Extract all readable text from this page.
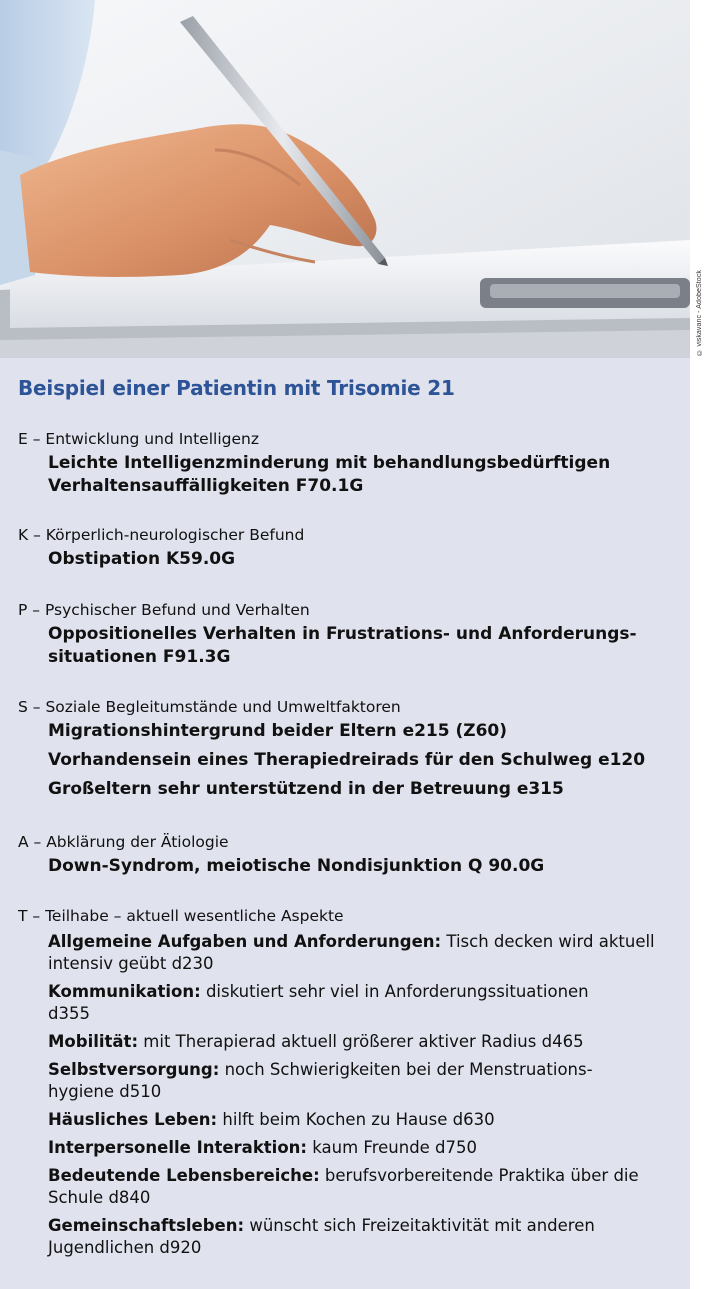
© viskavanc - AdobeStock
Beispiel einer Patientin mit Trisomie 21
E – Entwicklung und Intelligenz
Leichte Intelligenzminderung mit behandlungsbedürftigen
Verhaltensauffälligkeiten F70.1G
K – Körperlich-neurologischer Befund
Obstipation K59.0G
P – Psychischer Befund und Verhalten
Oppositionelles Verhalten in Frustrations- und Anforderungs-
situationen F91.3G
S – Soziale Begleitumstände und Umweltfaktoren
Migrationshintergrund beider Eltern e215 (Z60)
Vorhandensein eines Therapiedreirads für den Schulweg e120
Großeltern sehr unterstützend in der Betreuung e315
A – Abklärung der Ätiologie
Down-Syndrom, meiotische Nondisjunktion Q 90.0G
T – Teilhabe – aktuell wesentliche Aspekte
Allgemeine Aufgaben und Anforderungen: Tisch decken wird aktuell
intensiv geübt d230
Kommunikation: diskutiert sehr viel in Anforderungssituationen
d355
Mobilität: mit Therapierad aktuell größerer aktiver Radius d465
Selbstversorgung: noch Schwierigkeiten bei der Menstruations-
hygiene d510
Häusliches Leben: hilft beim Kochen zu Hause d630
Interpersonelle Interaktion: kaum Freunde d750
Bedeutende Lebensbereiche: berufsvorbereitende Praktika über die
Schule d840
Gemeinschaftsleben: wünscht sich Freizeitaktivität mit anderen
Jugendlichen d920
